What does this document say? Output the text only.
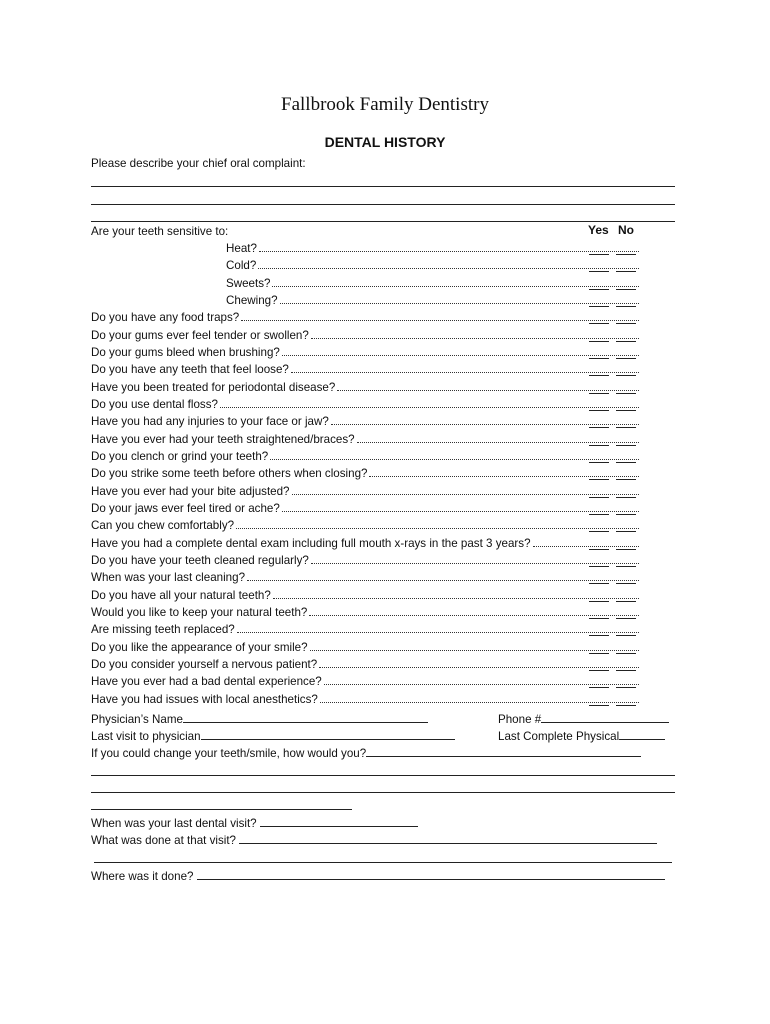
Fallbrook Family Dentistry
DENTAL HISTORY
Please describe your chief oral complaint:
Are your teeth sensitive to:	Yes No
Heat?
Cold?
Sweets?
Chewing?
Do you have any food traps?
Do your gums ever feel tender or swollen?
Do your gums bleed when brushing?
Do you have any teeth that feel loose?
Have you been treated for periodontal disease?
Do you use dental floss?
Have you had any injuries to your face or jaw?
Have you ever had your teeth straightened/braces?
Do you clench or grind your teeth?
Do you strike some teeth before others when closing?
Have you ever had your bite adjusted?
Do your jaws ever feel tired or ache?
Can you chew comfortably?
Have you had a complete dental exam including full mouth x-rays in the past 3 years?
Do you have your teeth cleaned regularly?
When was your last cleaning?
Do you have all your natural teeth?
Would you like to keep your natural teeth?
Are missing teeth replaced?
Do you like the appearance of your smile?
Do you consider yourself a nervous patient?
Have you ever had a bad dental experience?
Have you had issues with local anesthetics?
Physician’s Name	Phone #
Last visit to physician	Last Complete Physical
If you could change your teeth/smile, how would you?
When was your last dental visit?
What was done at that visit?
Where was it done?
